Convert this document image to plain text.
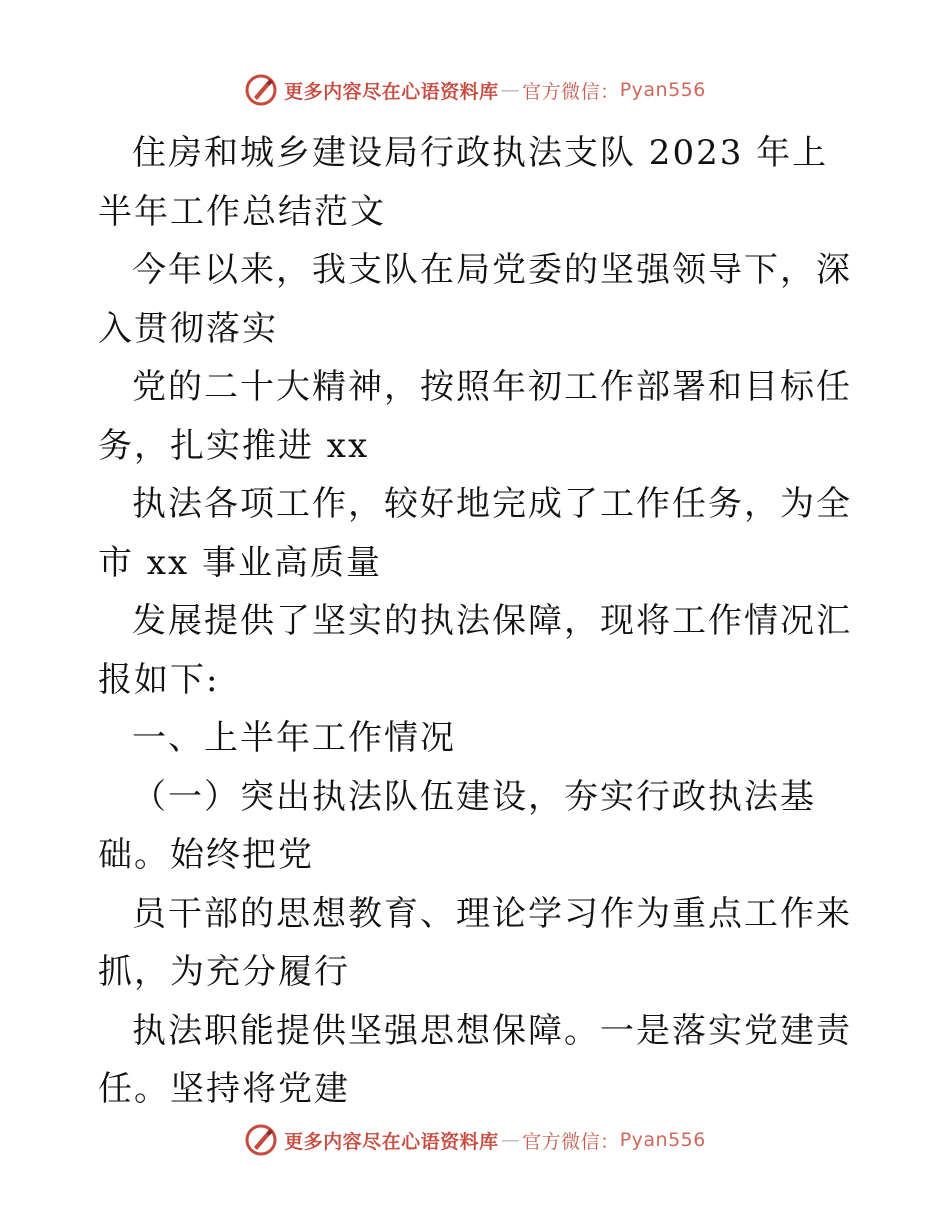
更多内容尽在心语资料库 — 官方微信： Pyan556

住房和城乡建设局行政执法支队 2023 年上半年工作总结范文

今年以来，我支队在局党委的坚强领导下，深入贯彻落实

党的二十大精神，按照年初工作部署和目标任务，扎实推进 xx

执法各项工作，较好地完成了工作任务，为全市 xx 事业高质量

发展提供了坚实的执法保障，现将工作情况汇报如下:

一、上半年工作情况

（一）突出执法队伍建设，夯实行政执法基础。始终把党

员干部的思想教育、理论学习作为重点工作来抓，为充分履行

执法职能提供坚强思想保障。一是落实党建责任。坚持将党建

更多内容尽在心语资料库 — 官方微信： Pyan556
